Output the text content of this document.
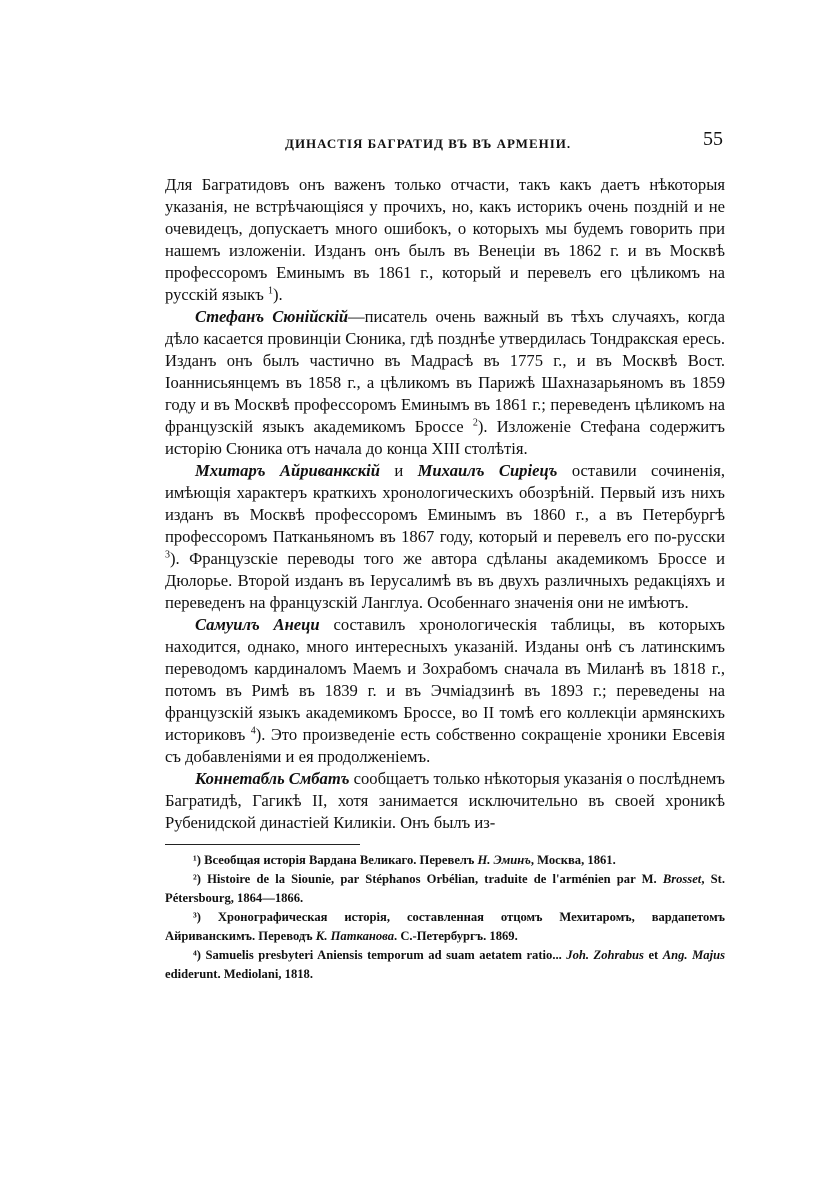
ДИНАСТІЯ БАГРАТИД ВЪ ВЪ АРМЕНІИ.	55

Для Багратидовъ онъ важенъ только отчасти, такъ какъ даетъ нѣкоторыя указанія, не встрѣчающіяся у прочихъ, но, какъ историкъ очень поздній и не очевидецъ, допускаетъ много ошибокъ, о которыхъ мы будемъ говорить при нашемъ изложеніи. Изданъ онъ былъ въ Венеціи въ 1862 г. и въ Москвѣ профессоромъ Еминымъ въ 1861 г., который и перевелъ его цѣликомъ на русскій языкъ $^1$).

Стефанъ Сюнійскій—писатель очень важный въ тѣхъ случаяхъ, когда дѣло касается провинціи Сюника, гдѣ позднѣе утвердилась Тондракская ересь. Изданъ онъ былъ частично въ Мадрасѣ въ 1775 г., и въ Москвѣ Вост. Іоаннисьянцемъ въ 1858 г., а цѣликомъ въ Парижѣ Шахназарьяномъ въ 1859 году и въ Москвѣ профессоромъ Еминымъ въ 1861 г.; переведенъ цѣликомъ на французскій языкъ академикомъ Броссе $^2$). Изложеніе Стефана содержитъ исторію Сюника отъ начала до конца XIII столѣтія.

Мхитаръ Айриванкскій и Михаилъ Сиріецъ оставили сочиненія, имѣющія характеръ краткихъ хронологическихъ обозрѣній. Первый изъ нихъ изданъ въ Москвѣ профессоромъ Еминымъ въ 1860 г., а въ Петербургѣ профессоромъ Патканьяномъ въ 1867 году, который и перевелъ его по-русски $^3$). Французскіе переводы того же автора сдѣланы академикомъ Броссе и Дюлорье. Второй изданъ въ Іерусалимѣ въ въ двухъ различныхъ редакціяхъ и переведенъ на французскій Ланглуа. Особеннаго значенія они не имѣютъ.

Самуилъ Анеци составилъ хронологическія таблицы, въ которыхъ находится, однако, много интересныхъ указаній. Изданы онѣ съ латинскимъ переводомъ кардиналомъ Маемъ и Зохрабомъ сначала въ Миланѣ въ 1818 г., потомъ въ Римѣ въ 1839 г. и въ Эчміадзинѣ въ 1893 г.; переведены на французскій языкъ академикомъ Броссе, во II томѣ его коллекціи армянскихъ историковъ $^4$). Это произведеніе есть собственно сокращеніе хроники Евсевія съ добавленіями и ея продолженіемъ.

Коннетабль Смбатъ сообщаетъ только нѣкоторыя указанія о послѣднемъ Багратидѣ, Гагикѣ II, хотя занимается исключительно въ своей хроникѣ Рубенидской династіей Киликіи. Онъ былъ из-

¹) Всеобщая исторія Вардана Великаго. Перевелъ Н. Эминъ, Москва, 1861.

²) Histoire de la Siounie, par Stéphanos Orbélian, traduite de l'arménien par M. Brosset, St. Pétersbourg, 1864—1866.

³) Хронографическая исторія, составленная отцомъ Мехитаромъ, вардапетомъ Айриванскимъ. Переводъ К. Патканова. С.-Петербургъ. 1869.

⁴) Samuelis presbyteri Aniensis temporum ad suam aetatem ratio... Joh. Zohrabus et Ang. Majus ediderunt. Mediolani, 1818.
